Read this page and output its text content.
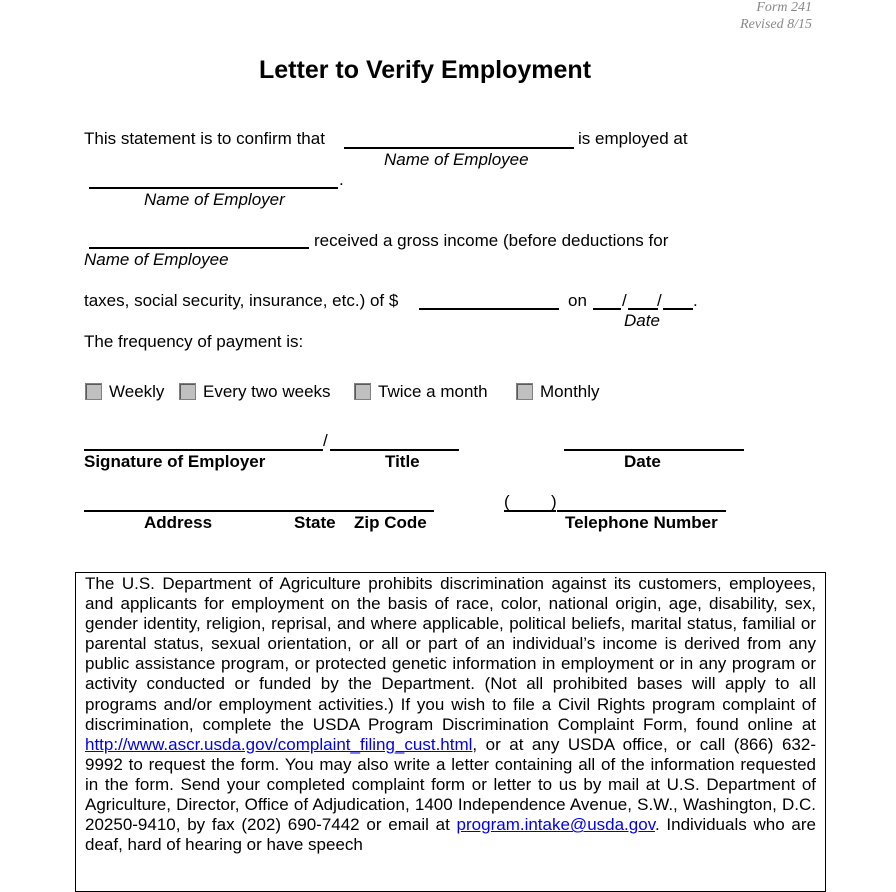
Form 241
Revised 8/15
Letter to Verify Employment
This statement is to confirm that	is employed at
Name of Employee
.
Name of Employer
received a gross income (before deductions for
Name of Employee
taxes, social security, insurance, etc.) of $	on / / .
Date
The frequency of payment is:
Weekly Every two weeks	Twice a month	Monthly
/
Signature of Employer	Title	Date
( )
Address	State Zip Code	Telephone Number

The U.S. Department of Agriculture prohibits discrimination against its customers, employees, and applicants for employment on the basis of race, color, national origin, age, disability, sex, gender identity, religion, reprisal, and where applicable, political beliefs, marital status, familial or parental status, sexual orientation, or all or part of an individual’s income is derived from any public assistance program, or protected genetic information in employment or in any program or activity conducted or funded by the Department. (Not all prohibited bases will apply to all programs and/or employment activities.) If you wish to file a Civil Rights program complaint of discrimination, complete the USDA Program Discrimination Complaint Form, found online at http://www.ascr.usda.gov/complaint_filing_cust.html, or at any USDA office, or call (866) 632-9992 to request the form. You may also write a letter containing all of the information requested in the form. Send your completed complaint form or letter to us by mail at U.S. Department of Agriculture, Director, Office of Adjudication, 1400 Independence Avenue, S.W., Washington, D.C. 20250-9410, by fax (202) 690-7442 or email at program.intake@usda.gov. Individuals who are deaf, hard of hearing or have speech
